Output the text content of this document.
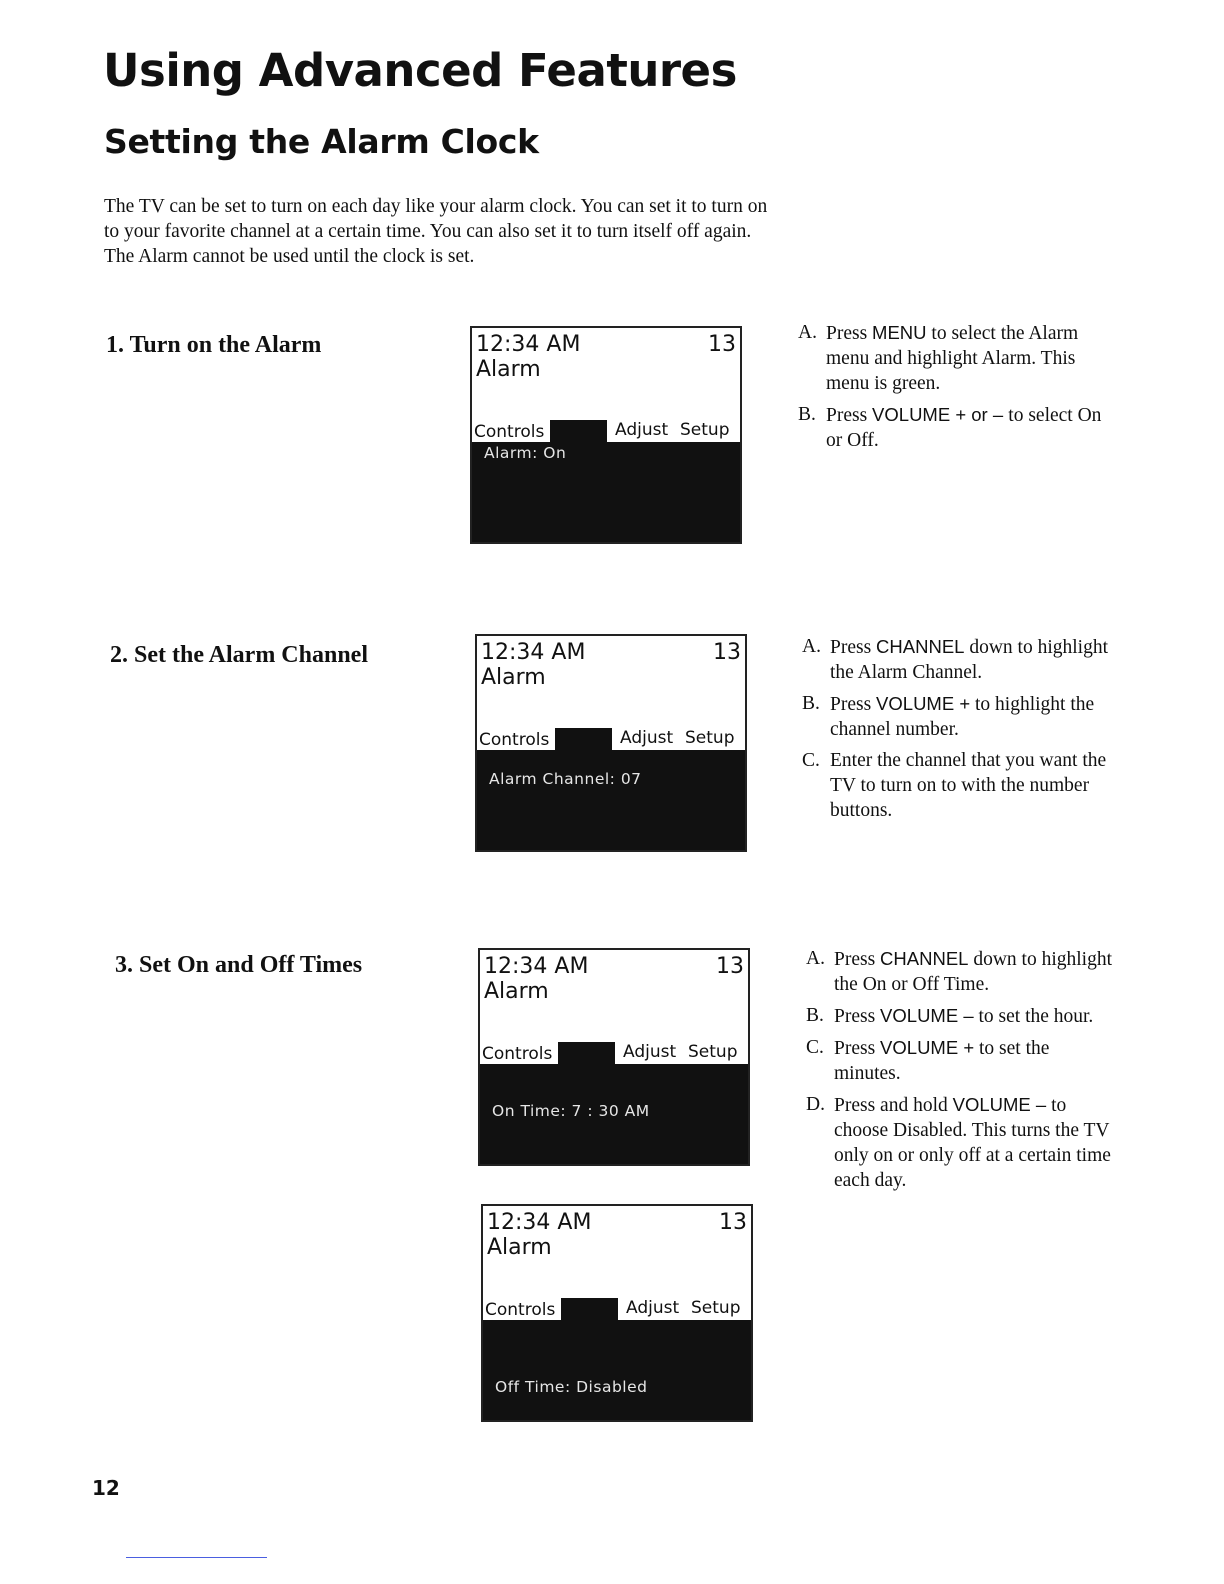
Using Advanced Features
Setting the Alarm Clock
The TV can be set to turn on each day like your alarm clock. You can set it to turn on to your favorite channel at a certain time. You can also set it to turn itself off again. The Alarm cannot be used until the clock is set.
1. Turn on the Alarm	12:34 AM	13
Alarm
Controls	Adjust Setup
Alarm: On
A. Press MENU to select the Alarm menu and highlight Alarm. This menu is green.
B. Press VOLUME + or – to select On or Off.
2. Set the Alarm Channel	12:34 AM	13
Alarm
Controls	Adjust Setup
Alarm Channel: 07
A. Press CHANNEL down to highlight the Alarm Channel.
B. Press VOLUME + to highlight the channel number.
C. Enter the channel that you want the TV to turn on to with the number buttons.
3. Set On and Off Times	12:34 AM	13
Alarm
Controls	Adjust Setup
On Time: 7 : 30 AM
12:34 AM	13
Alarm
Controls	Adjust Setup
Off Time: Disabled
A. Press CHANNEL down to highlight the On or Off Time.
B. Press VOLUME – to set the hour.
C. Press VOLUME + to set the minutes.
D. Press and hold VOLUME – to choose Disabled. This turns the TV only on or only off at a certain time each day.
12
